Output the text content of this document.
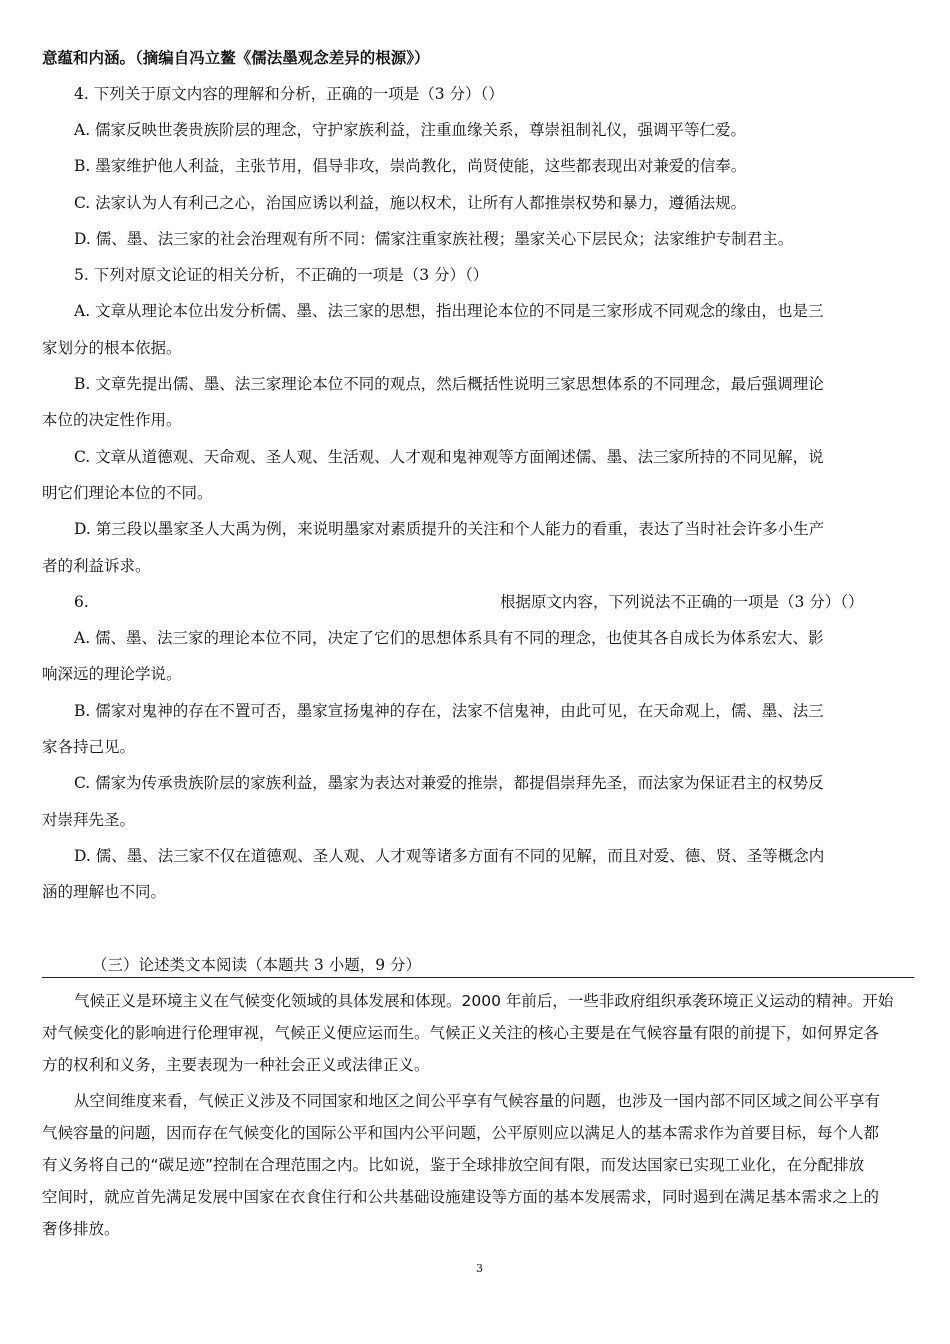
意蕴和内涵。（摘编自冯立鳌《儒法墨观念差异的根源》）
4. 下列关于原文内容的理解和分析，正确的一项是（3 分）（）
A. 儒家反映世袭贵族阶层的理念，守护家族利益，注重血缘关系，尊崇祖制礼仪，强调平等仁爱。
B. 墨家维护他人利益，主张节用，倡导非攻，崇尚教化，尚贤使能，这些都表现出对兼爱的信奉。
C. 法家认为人有利己之心，治国应诱以利益，施以权术，让所有人都推崇权势和暴力，遵循法规。
D. 儒、墨、法三家的社会治理观有所不同：儒家注重家族社稷；墨家关心下层民众；法家维护专制君主。
5. 下列对原文论证的相关分析，不正确的一项是（3 分）（）
A. 文章从理论本位出发分析儒、墨、法三家的思想，指出理论本位的不同是三家形成不同观念的缘由，也是三
家划分的根本依据。
B. 文章先提出儒、墨、法三家理论本位不同的观点，然后概括性说明三家思想体系的不同理念，最后强调理论
本位的决定性作用。
C. 文章从道德观、天命观、圣人观、生活观、人才观和鬼神观等方面阐述儒、墨、法三家所持的不同见解，说
明它们理论本位的不同。
D. 第三段以墨家圣人大禹为例，来说明墨家对素质提升的关注和个人能力的看重，表达了当时社会许多小生产
者的利益诉求。
6.	根据原文内容，下列说法不正确的一项是（3 分）（）
A. 儒、墨、法三家的理论本位不同，决定了它们的思想体系具有不同的理念，也使其各自成长为体系宏大、影
响深远的理论学说。
B. 儒家对鬼神的存在不置可否，墨家宣扬鬼神的存在，法家不信鬼神，由此可见，在天命观上，儒、墨、法三
家各持己见。
C. 儒家为传承贵族阶层的家族利益，墨家为表达对兼爱的推崇，都提倡崇拜先圣，而法家为保证君主的权势反
对崇拜先圣。
D. 儒、墨、法三家不仅在道德观、圣人观、人才观等诸多方面有不同的见解，而且对爱、德、贤、圣等概念内
涵的理解也不同。
（三）论述类文本阅读（本题共 3 小题，9 分）
气候正义是环境主义在气候变化领域的具体发展和体现。2000 年前后，一些非政府组织承袭环境正义运动的精神。开始
对气候变化的影响进行伦理审视，气候正义便应运而生。气候正义关注的核心主要是在气候容量有限的前提下，如何界定各
方的权利和义务，主要表现为一种社会正义或法律正义。
从空间维度来看，气候正义涉及不同国家和地区之间公平享有气候容量的问题，也涉及一国内部不同区域之间公平享有
气候容量的问题，因而存在气候变化的国际公平和国内公平问题，公平原则应以满足人的基本需求作为首要目标，每个人都
有义务将自己的“碳足迹”控制在合理范围之内。比如说，鉴于全球排放空间有限，而发达国家已实现工业化，在分配排放
空间时，就应首先满足发展中国家在衣食住行和公共基础设施建设等方面的基本发展需求，同时遏到在满足基本需求之上的
奢侈排放。
3
